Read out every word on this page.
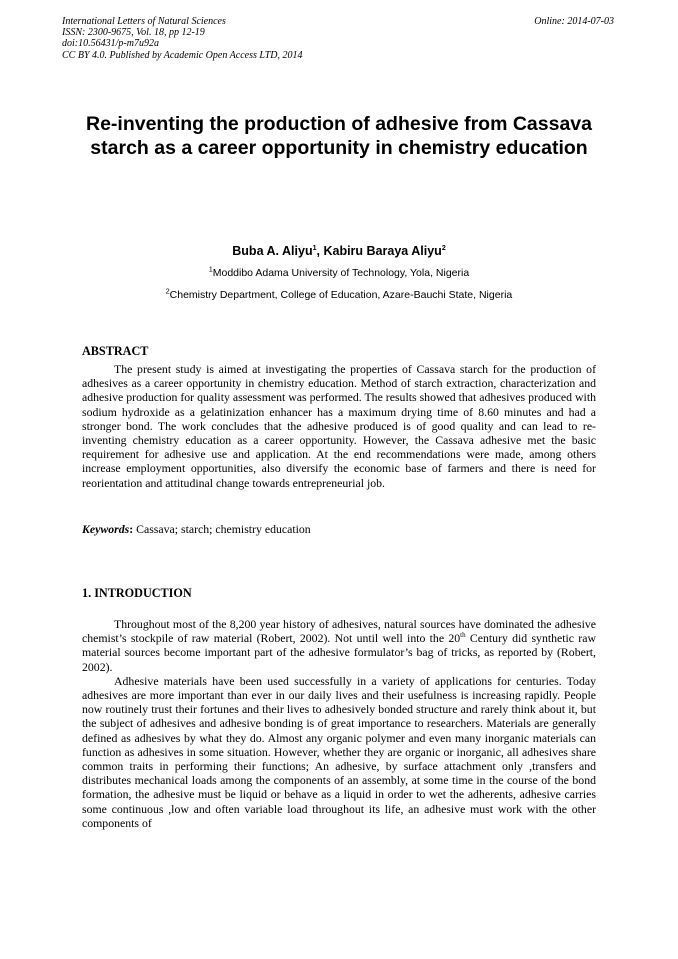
International Letters of Natural Sciences
ISSN: 2300-9675, Vol. 18, pp 12-19
doi:10.56431/p-m7u92a
CC BY 4.0. Published by Academic Open Access LTD, 2014
Online: 2014-07-03
Re-inventing the production of adhesive from Cassava starch as a career opportunity in chemistry education
Buba A. Aliyu$^1$, Kabiru Baraya Aliyu$^2$
$^1$Moddibo Adama University of Technology, Yola, Nigeria
$^2$Chemistry Department, College of Education, Azare-Bauchi State, Nigeria
ABSTRACT

The present study is aimed at investigating the properties of Cassava starch for the production of adhesives as a career opportunity in chemistry education. Method of starch extraction, characterization and adhesive production for quality assessment was performed. The results showed that adhesives produced with sodium hydroxide as a gelatinization enhancer has a maximum drying time of 8.60 minutes and had a stronger bond. The work concludes that the adhesive produced is of good quality and can lead to re-inventing chemistry education as a career opportunity. However, the Cassava adhesive met the basic requirement for adhesive use and application. At the end recommendations were made, among others increase employment opportunities, also diversify the economic base of farmers and there is need for reorientation and attitudinal change towards entrepreneurial job.

Keywords: Cassava; starch; chemistry education
1. INTRODUCTION

Throughout most of the 8,200 year history of adhesives, natural sources have dominated the adhesive chemist’s stockpile of raw material (Robert, 2002). Not until well into the 20th Century did synthetic raw material sources become important part of the adhesive formulator’s bag of tricks, as reported by (Robert, 2002).

Adhesive materials have been used successfully in a variety of applications for centuries. Today adhesives are more important than ever in our daily lives and their usefulness is increasing rapidly. People now routinely trust their fortunes and their lives to adhesively bonded structure and rarely think about it, but the subject of adhesives and adhesive bonding is of great importance to researchers. Materials are generally defined as adhesives by what they do. Almost any organic polymer and even many inorganic materials can function as adhesives in some situation. However, whether they are organic or inorganic, all adhesives share common traits in performing their functions; An adhesive, by surface attachment only ,transfers and distributes mechanical loads among the components of an assembly, at some time in the course of the bond formation, the adhesive must be liquid or behave as a liquid in order to wet the adherents, adhesive carries some continuous ,low and often variable load throughout its life, an adhesive must work with the other components of
